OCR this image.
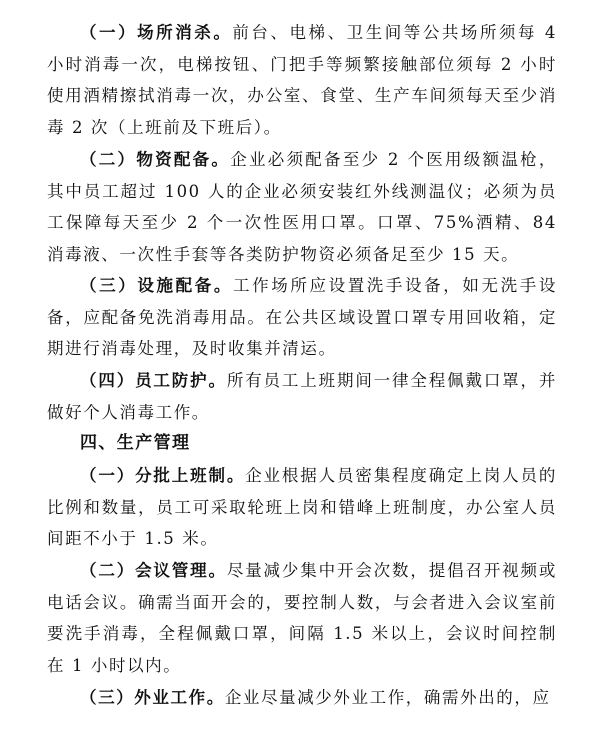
（一）场所消杀。前台、电梯、卫生间等公共场所须每 4 小时消毒一次，电梯按钮、门把手等频繁接触部位须每 2 小时使用酒精擦拭消毒一次，办公室、食堂、生产车间须每天至少消毒 2 次（上班前及下班后）。

（二）物资配备。企业必须配备至少 2 个医用级额温枪，其中员工超过 100 人的企业必须安装红外线测温仪；必须为员工保障每天至少 2 个一次性医用口罩。口罩、75%酒精、84 消毒液、一次性手套等各类防护物资必须备足至少 15 天。

（三）设施配备。工作场所应设置洗手设备，如无洗手设备，应配备免洗消毒用品。在公共区域设置口罩专用回收箱，定期进行消毒处理，及时收集并清运。

（四）员工防护。所有员工上班期间一律全程佩戴口罩，并做好个人消毒工作。

四、生产管理

（一）分批上班制。企业根据人员密集程度确定上岗人员的比例和数量，员工可采取轮班上岗和错峰上班制度，办公室人员间距不小于 1.5 米。

（二）会议管理。尽量减少集中开会次数，提倡召开视频或电话会议。确需当面开会的，要控制人数，与会者进入会议室前要洗手消毒，全程佩戴口罩，间隔 1.5 米以上，会议时间控制在 1 小时以内。

（三）外业工作。企业尽量减少外业工作，确需外出的，应
